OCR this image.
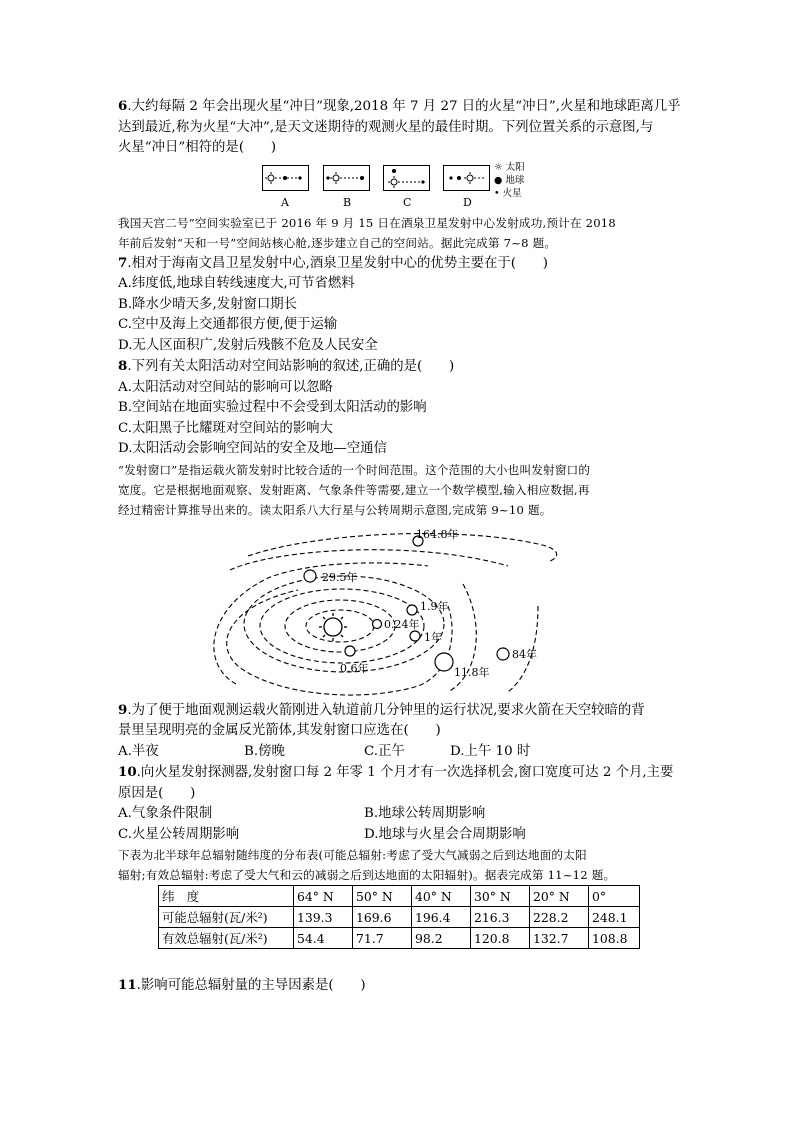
6.大约每隔 2 年会出现火星“冲日”现象,2018 年 7 月 27 日的火星“冲日”,火星和地球距离几乎
达到最近,称为火星“大冲”,是天文迷期待的观测火星的最佳时期。下列位置关系的示意图,与
火星“冲日”相符的是(　　)
A	B	C	D
☼ 太阳
● 地球
• 火星
我国天宫二号”空间实验室已于 2016 年 9 月 15 日在酒泉卫星发射中心发射成功,预计在 2018
年前后发射“天和一号”空间站核心舱,逐步建立自己的空间站。据此完成第 7~8 题。
7.相对于海南文昌卫星发射中心,酒泉卫星发射中心的优势主要在于(　　)
A.纬度低,地球自转线速度大,可节省燃料
B.降水少晴天多,发射窗口期长
C.空中及海上交通都很方便,便于运输
D.无人区面积广,发射后残骸不危及人民安全
8.下列有关太阳活动对空间站影响的叙述,正确的是(　　)
A.太阳活动对空间站的影响可以忽略
B.空间站在地面实验过程中不会受到太阳活动的影响
C.太阳黑子比耀斑对空间站的影响大
D.太阳活动会影响空间站的安全及地—空通信
“发射窗口”是指运载火箭发射时比较合适的一个时间范围。这个范围的大小也叫发射窗口的
宽度。它是根据地面观察、发射距离、气象条件等需要,建立一个数学模型,输入相应数据,再
经过精密计算推导出来的。读太阳系八大行星与公转周期示意图,完成第 9~10 题。
164.8年
29.5年
1.9年
0.24年
1年
84年
0.6年	11.8年
9.为了便于地面观测运载火箭刚进入轨道前几分钟里的运行状况,要求火箭在天空较暗的背
景里呈现明亮的金属反光箭体,其发射窗口应选在(　　)
A.半夜	B.傍晚	C.正午	D.上午 10 时
10.向火星发射探测器,发射窗口每 2 年零 1 个月才有一次选择机会,窗口宽度可达 2 个月,主要
原因是(　　)
A.气象条件限制	B.地球公转周期影响
C.火星公转周期影响	D.地球与火星会合周期影响
下表为北半球年总辐射随纬度的分布表(可能总辐射:考虑了受大气减弱之后到达地面的太阳
辐射;有效总辐射:考虑了受大气和云的减弱之后到达地面的太阳辐射)。据表完成第 11~12 题。
纬　度	64° N	50° N	40° N	30° N	20° N	0°
可能总辐射(瓦/米²)	139.3	169.6	196.4	216.3	228.2	248.1
有效总辐射(瓦/米²)	54.4	71.7	98.2	120.8	132.7	108.8
11.影响可能总辐射量的主导因素是(　　)
